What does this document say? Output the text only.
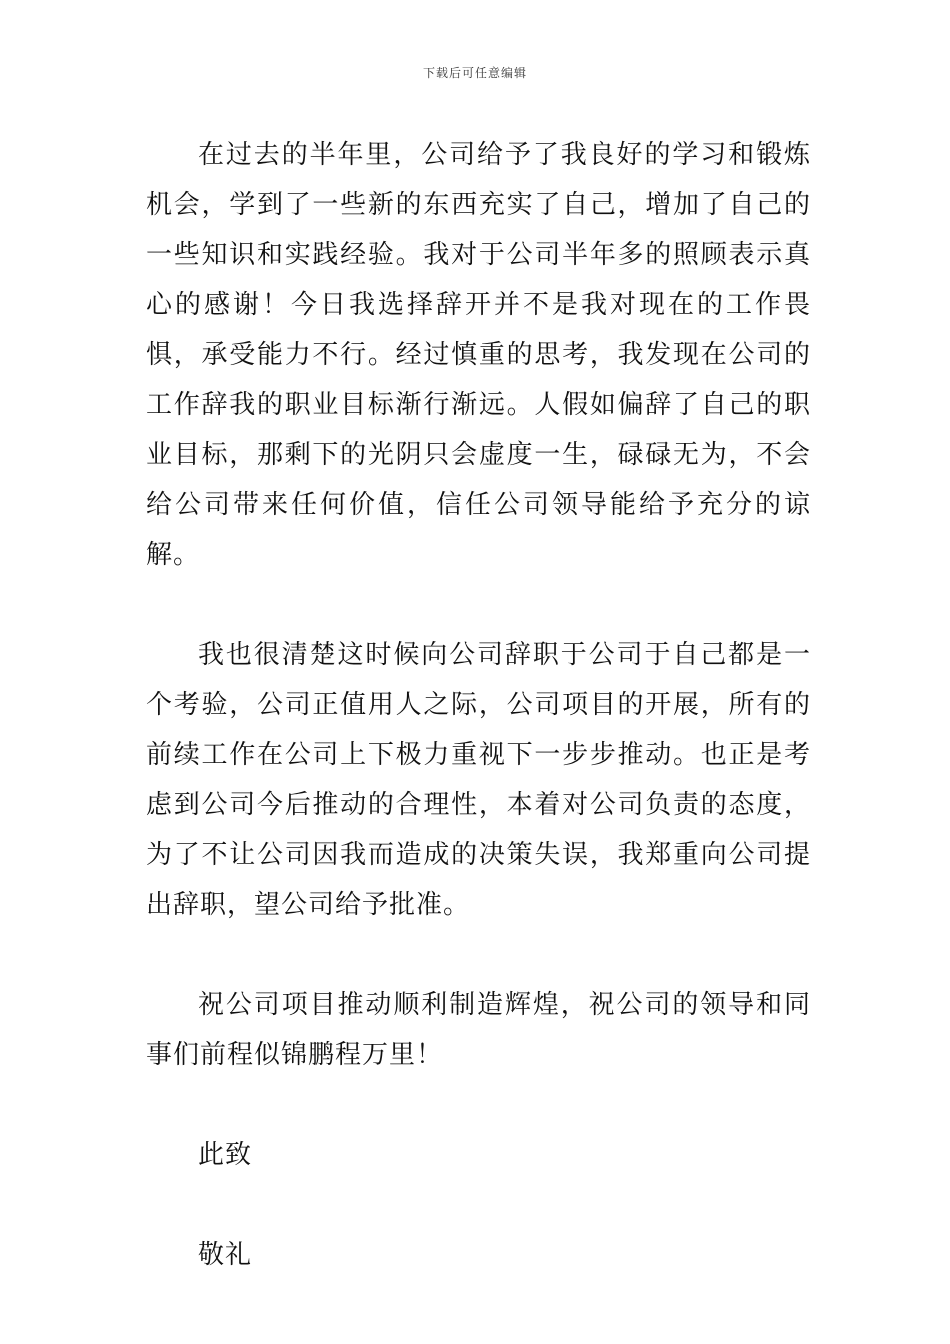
下载后可任意编辑

在过去的半年里，公司给予了我良好的学习和锻炼机会，学到了一些新的东西充实了自己，增加了自己的一些知识和实践经验。我对于公司半年多的照顾表示真心的感谢！今日我选择辞开并不是我对现在的工作畏惧，承受能力不行。经过慎重的思考，我发现在公司的工作辞我的职业目标渐行渐远。人假如偏辞了自己的职业目标，那剩下的光阴只会虚度一生，碌碌无为，不会给公司带来任何价值，信任公司领导能给予充分的谅解。

我也很清楚这时候向公司辞职于公司于自己都是一个考验，公司正值用人之际，公司项目的开展，所有的前续工作在公司上下极力重视下一步步推动。也正是考虑到公司今后推动的合理性，本着对公司负责的态度，为了不让公司因我而造成的决策失误，我郑重向公司提出辞职，望公司给予批准。

祝公司项目推动顺利制造辉煌，祝公司的领导和同事们前程似锦鹏程万里！

此致

敬礼
